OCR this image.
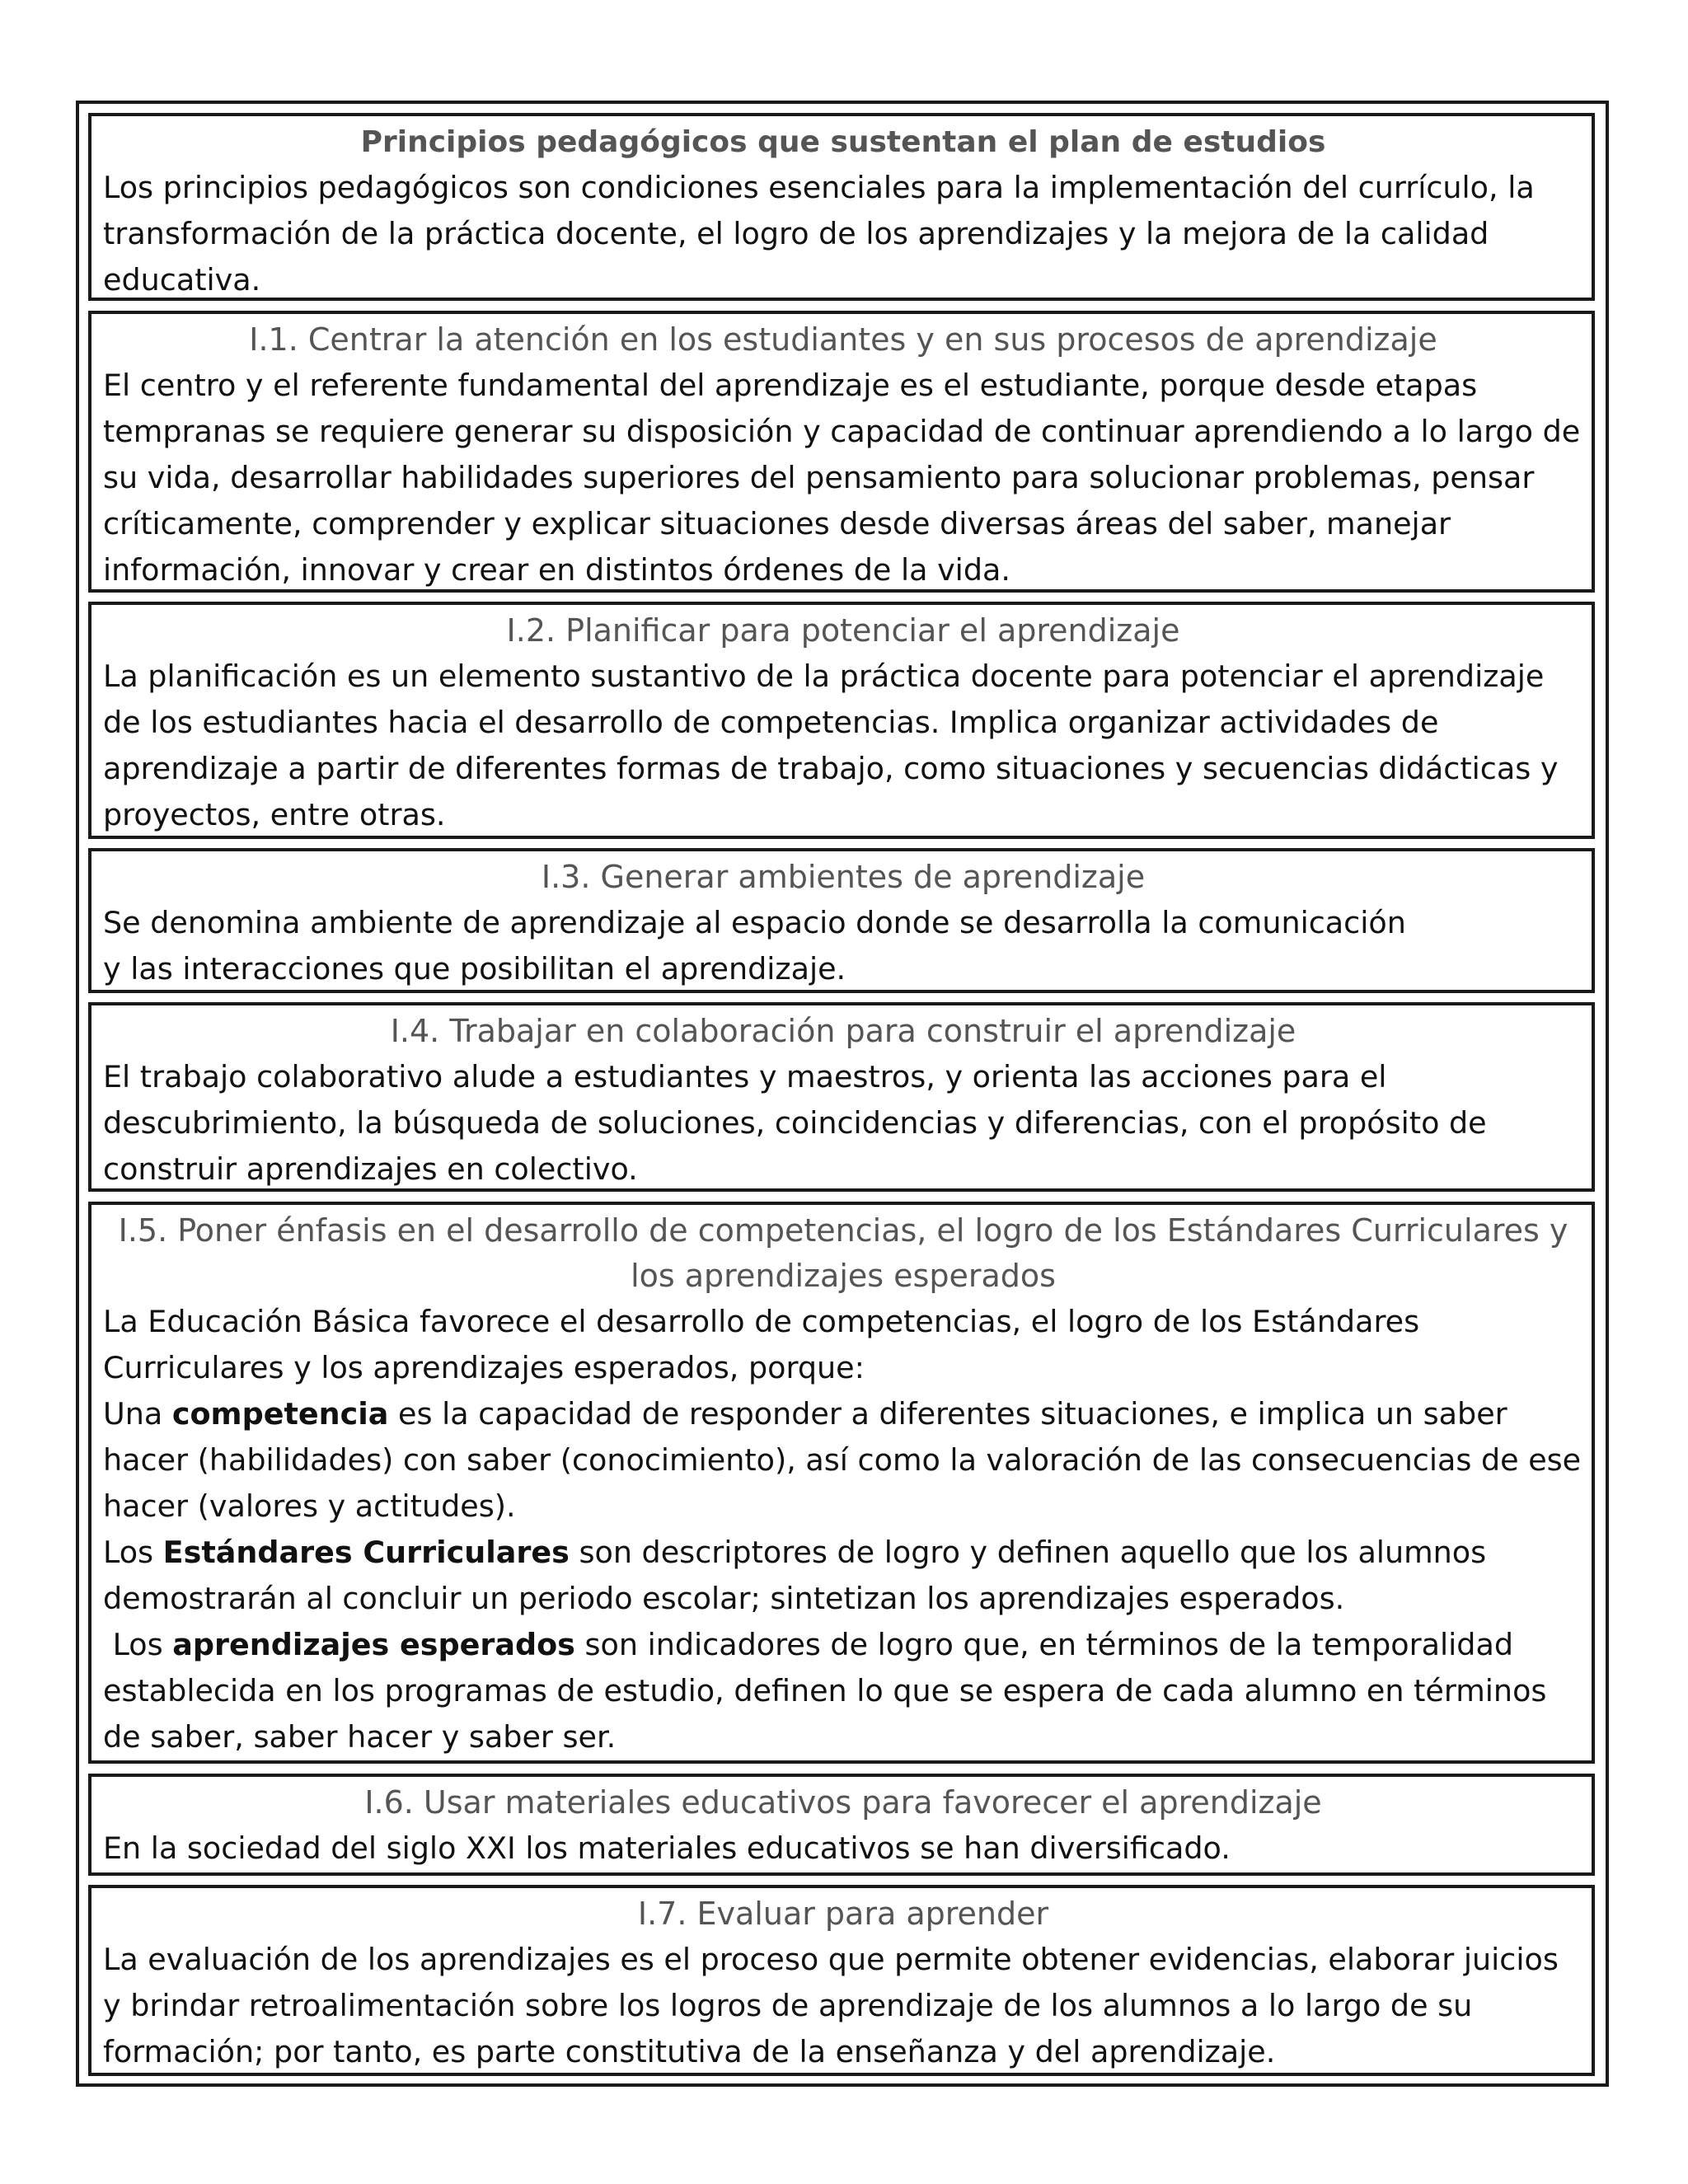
Principios pedagógicos que sustentan el plan de estudios

Los principios pedagógicos son condiciones esenciales para la implementación del currículo, la transformación de la práctica docente, el logro de los aprendizajes y la mejora de la calidad educativa.

I.1. Centrar la atención en los estudiantes y en sus procesos de aprendizaje

El centro y el referente fundamental del aprendizaje es el estudiante, porque desde etapas tempranas se requiere generar su disposición y capacidad de continuar aprendiendo a lo largo de su vida, desarrollar habilidades superiores del pensamiento para solucionar problemas, pensar críticamente, comprender y explicar situaciones desde diversas áreas del saber, manejar información, innovar y crear en distintos órdenes de la vida.

I.2. Planificar para potenciar el aprendizaje

La planificación es un elemento sustantivo de la práctica docente para potenciar el aprendizaje de los estudiantes hacia el desarrollo de competencias. Implica organizar actividades de aprendizaje a partir de diferentes formas de trabajo, como situaciones y secuencias didácticas y proyectos, entre otras.

I.3. Generar ambientes de aprendizaje

Se denomina ambiente de aprendizaje al espacio donde se desarrolla la comunicación
y las interacciones que posibilitan el aprendizaje.

I.4. Trabajar en colaboración para construir el aprendizaje

El trabajo colaborativo alude a estudiantes y maestros, y orienta las acciones para el descubrimiento, la búsqueda de soluciones, coincidencias y diferencias, con el propósito de construir aprendizajes en colectivo.

I.5. Poner énfasis en el desarrollo de competencias, el logro de los Estándares Curriculares y los aprendizajes esperados

La Educación Básica favorece el desarrollo de competencias, el logro de los Estándares Curriculares y los aprendizajes esperados, porque:

Una competencia es la capacidad de responder a diferentes situaciones, e implica un saber hacer (habilidades) con saber (conocimiento), así como la valoración de las consecuencias de ese hacer (valores y actitudes).

Los Estándares Curriculares son descriptores de logro y definen aquello que los alumnos demostrarán al concluir un periodo escolar; sintetizan los aprendizajes esperados.

Los aprendizajes esperados son indicadores de logro que, en términos de la temporalidad establecida en los programas de estudio, definen lo que se espera de cada alumno en términos de saber, saber hacer y saber ser.

I.6. Usar materiales educativos para favorecer el aprendizaje

En la sociedad del siglo XXI los materiales educativos se han diversificado.

I.7. Evaluar para aprender

La evaluación de los aprendizajes es el proceso que permite obtener evidencias, elaborar juicios y brindar retroalimentación sobre los logros de aprendizaje de los alumnos a lo largo de su formación; por tanto, es parte constitutiva de la enseñanza y del aprendizaje.
